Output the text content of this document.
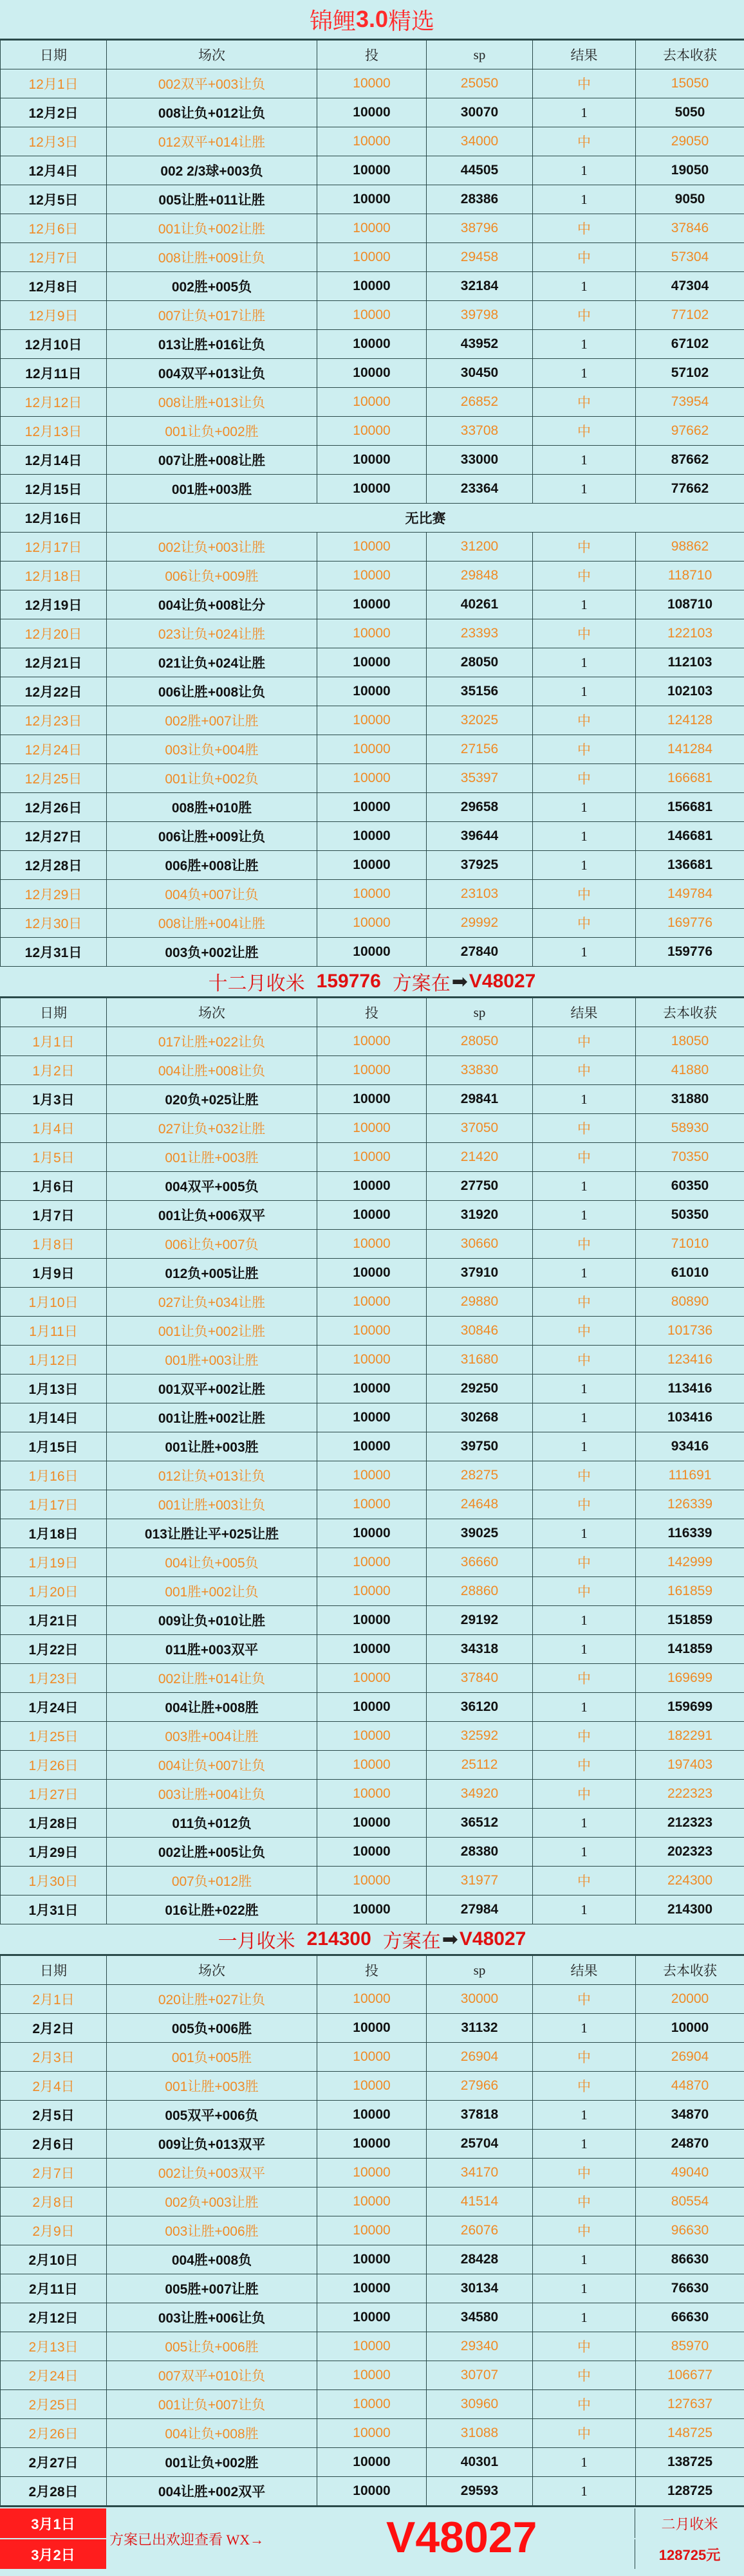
锦鲤 3.0 精选
日期	场次	投	sp	结果	去本收获
12月1日	002双平+003让负	10000	25050	中	15050
12月2日	008让负+012让负	10000	30070	1	5050
12月3日	012双平+014让胜	10000	34000	中	29050
12月4日	002 2/3球+003负	10000	44505	1	19050
12月5日	005让胜+011让胜	10000	28386	1	9050
12月6日	001让负+002让胜	10000	38796	中	37846
12月7日	008让胜+009让负	10000	29458	中	57304
12月8日	002胜+005负	10000	32184	1	47304
12月9日	007让负+017让胜	10000	39798	中	77102
12月10日	013让胜+016让负	10000	43952	1	67102
12月11日	004双平+013让负	10000	30450	1	57102
12月12日	008让胜+013让负	10000	26852	中	73954
12月13日	001让负+002胜	10000	33708	中	97662
12月14日	007让胜+008让胜	10000	33000	1	87662
12月15日	001胜+003胜	10000	23364	1	77662
12月16日	无比赛				
12月17日	002让负+003让胜	10000	31200	中	98862
12月18日	006让负+009胜	10000	29848	中	118710
12月19日	004让负+008让分	10000	40261	1	108710
12月20日	023让负+024让胜	10000	23393	中	122103
12月21日	021让负+024让胜	10000	28050	1	112103
12月22日	006让胜+008让负	10000	35156	1	102103
12月23日	002胜+007让胜	10000	32025	中	124128
12月24日	003让负+004胜	10000	27156	中	141284
12月25日	001让负+002负	10000	35397	中	166681
12月26日	008胜+010胜	10000	29658	1	156681
12月27日	006让胜+009让负	10000	39644	1	146681
12月28日	006胜+008让胜	10000	37925	1	136681
12月29日	004负+007让负	10000	23103	中	149784
12月30日	008让胜+004让胜	10000	29992	中	169776
12月31日	003负+002让胜	10000	27840	1	159776
十二月收米 159776 方案在 ➡ V48027
日期	场次	投	sp	结果	去本收获
1月1日	017让胜+022让负	10000	28050	中	18050
1月2日	004让胜+008让负	10000	33830	中	41880
1月3日	020负+025让胜	10000	29841	1	31880
1月4日	027让负+032让胜	10000	37050	中	58930
1月5日	001让胜+003胜	10000	21420	中	70350
1月6日	004双平+005负	10000	27750	1	60350
1月7日	001让负+006双平	10000	31920	1	50350
1月8日	006让负+007负	10000	30660	中	71010
1月9日	012负+005让胜	10000	37910	1	61010
1月10日	027让负+034让胜	10000	29880	中	80890
1月11日	001让负+002让胜	10000	30846	中	101736
1月12日	001胜+003让胜	10000	31680	中	123416
1月13日	001双平+002让胜	10000	29250	1	113416
1月14日	001让胜+002让胜	10000	30268	1	103416
1月15日	001让胜+003胜	10000	39750	1	93416
1月16日	012让负+013让负	10000	28275	中	111691
1月17日	001让胜+003让负	10000	24648	中	126339
1月18日	013让胜让平+025让胜	10000	39025	1	116339
1月19日	004让负+005负	10000	36660	中	142999
1月20日	001胜+002让负	10000	28860	中	161859
1月21日	009让负+010让胜	10000	29192	1	151859
1月22日	011胜+003双平	10000	34318	1	141859
1月23日	002让胜+014让负	10000	37840	中	169699
1月24日	004让胜+008胜	10000	36120	1	159699
1月25日	003胜+004让胜	10000	32592	中	182291
1月26日	004让负+007让负	10000	25112	中	197403
1月27日	003让胜+004让负	10000	34920	中	222323
1月28日	011负+012负	10000	36512	1	212323
1月29日	002让胜+005让负	10000	28380	1	202323
1月30日	007负+012胜	10000	31977	中	224300
1月31日	016让胜+022胜	10000	27984	1	214300
一月收米 214300 方案在 ➡ V48027
日期	场次	投	sp	结果	去本收获
2月1日	020让胜+027让负	10000	30000	中	20000
2月2日	005负+006胜	10000	31132	1	10000
2月3日	001负+005胜	10000	26904	中	26904
2月4日	001让胜+003胜	10000	27966	中	44870
2月5日	005双平+006负	10000	37818	1	34870
2月6日	009让负+013双平	10000	25704	1	24870
2月7日	002让负+003双平	10000	34170	中	49040
2月8日	002负+003让胜	10000	41514	中	80554
2月9日	003让胜+006胜	10000	26076	中	96630
2月10日	004胜+008负	10000	28428	1	86630
2月11日	005胜+007让胜	10000	30134	1	76630
2月12日	003让胜+006让负	10000	34580	1	66630
2月13日	005让负+006胜	10000	29340	中	85970
2月24日	007双平+010让负	10000	30707	中	106677
2月25日	001让负+007让负	10000	30960	中	127637
2月26日	004让负+008胜	10000	31088	中	148725
2月27日	001让负+002胜	10000	40301	1	138725
2月28日	004让胜+002双平	10000	29593	1	128725
3月1日
3月2日
方案已出欢迎查看 WX→	V48027	二月收米
128725元
